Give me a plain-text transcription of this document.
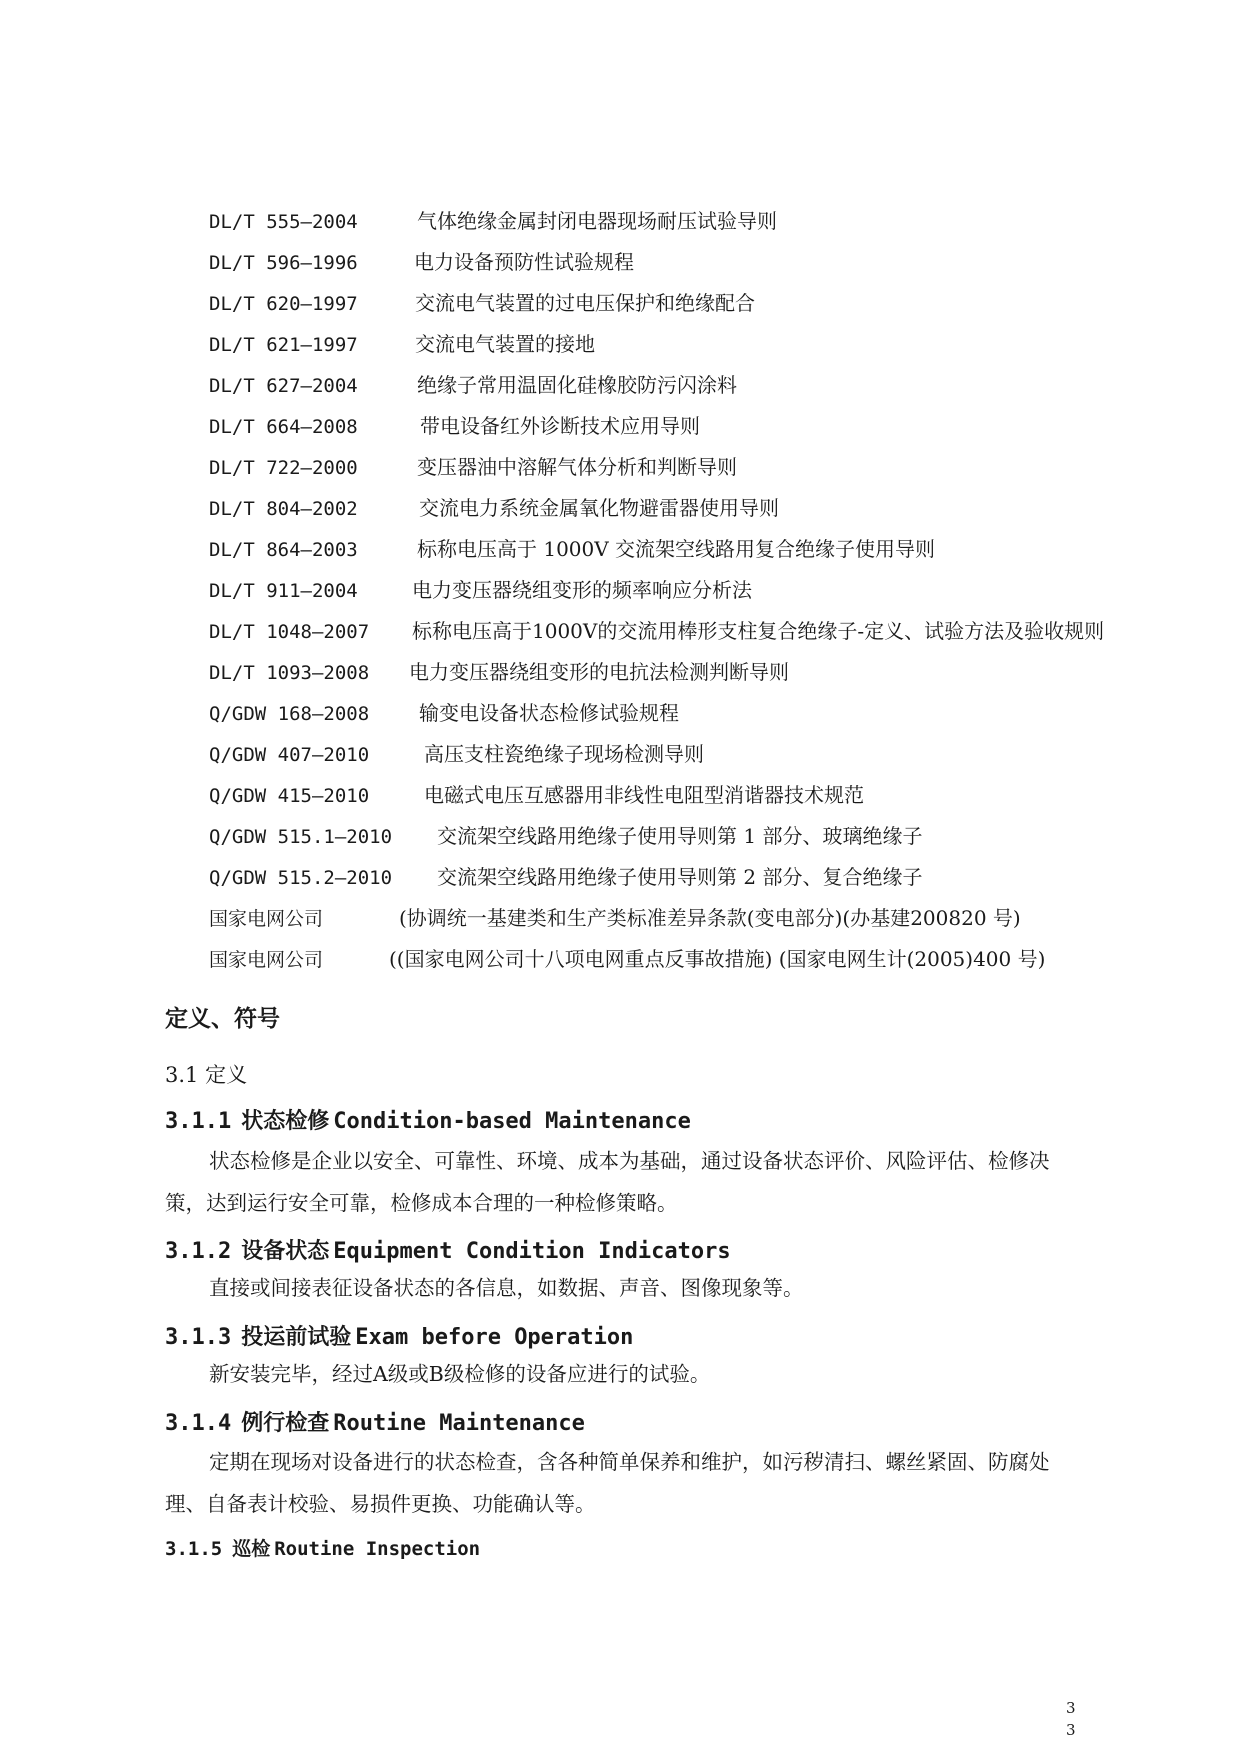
DL/T 555—2004	气体绝缘金属封闭电器现场耐压试验导则
DL/T 596—1996	电力设备预防性试验规程
DL/T 620—1997	交流电气装置的过电压保护和绝缘配合
DL/T 621—1997	交流电气装置的接地
DL/T 627—2004	绝缘子常用温固化硅橡胶防污闪涂料
DL/T 664—2008	带电设备红外诊断技术应用导则
DL/T 722—2000	变压器油中溶解气体分析和判断导则
DL/T 804—2002	交流电力系统金属氧化物避雷器使用导则
DL/T 864—2003	标称电压高于 1000V 交流架空线路用复合绝缘子使用导则
DL/T 911—2004	电力变压器绕组变形的频率响应分析法
DL/T 1048—2007	标称电压高于1000V的交流用棒形支柱复合绝缘子-定义、试验方法及验收规则
DL/T 1093—2008	电力变压器绕组变形的电抗法检测判断导则
Q/GDW 168—2008	输变电设备状态检修试验规程
Q/GDW 407—2010	高压支柱瓷绝缘子现场检测导则
Q/GDW 415—2010	电磁式电压互感器用非线性电阻型消谐器技术规范
Q/GDW 515.1—2010	交流架空线路用绝缘子使用导则第 1 部分、玻璃绝缘子
Q/GDW 515.2—2010	交流架空线路用绝缘子使用导则第 2 部分、复合绝缘子
国家电网公司	(协调统一基建类和生产类标准差异条款(变电部分)(办基建200820 号)
国家电网公司	((国家电网公司十八项电网重点反事故措施) (国家电网生计(2005)400 号)
定义、符号
3.1 定义
3.1.1 状态检修 Condition-based Maintenance
状态检修是企业以安全、可靠性、环境、成本为基础，通过设备状态评价、风险评估、检修决策，达到运行安全可靠，检修成本合理的一种检修策略。
3.1.2 设备状态 Equipment Condition Indicators
直接或间接表征设备状态的各信息，如数据、声音、图像现象等。
3.1.3 投运前试验 Exam before Operation
新安装完毕，经过A级或B级检修的设备应进行的试验。
3.1.4 例行检查 Routine Maintenance
定期在现场对设备进行的状态检查，含各种简单保养和维护，如污秽清扫、螺丝紧固、防腐处理、自备表计校验、易损件更换、功能确认等。
3.1.5 巡检 Routine Inspection
3
3
